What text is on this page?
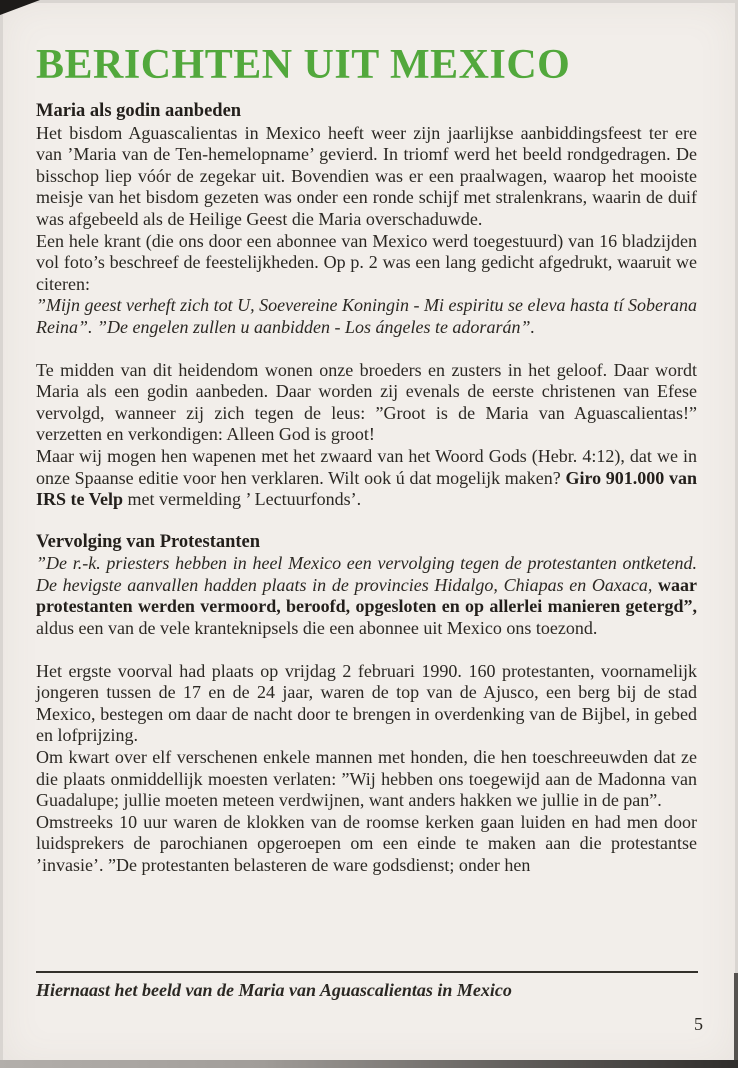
BERICHTEN UIT MEXICO
Maria als godin aanbeden

Het bisdom Aguascalientas in Mexico heeft weer zijn jaarlijkse aanbiddingsfeest ter ere van ’Maria van de Ten-hemelopname’ gevierd. In triomf werd het beeld rondgedragen. De bisschop liep vóór de zegekar uit. Bovendien was er een praalwagen, waarop het mooiste meisje van het bisdom gezeten was onder een ronde schijf met stralenkrans, waarin de duif was afgebeeld als de Heilige Geest die Maria overschaduwde.

Een hele krant (die ons door een abonnee van Mexico werd toegestuurd) van 16 bladzijden vol foto’s beschreef de feestelijkheden. Op p. 2 was een lang gedicht afgedrukt, waaruit we citeren:

”Mijn geest verheft zich tot U, Soevereine Koningin - Mi espiritu se eleva hasta tí Soberana Reina”. ”De engelen zullen u aanbidden - Los ángeles te adorarán”.

Te midden van dit heidendom wonen onze broeders en zusters in het geloof. Daar wordt Maria als een godin aanbeden. Daar worden zij evenals de eerste christenen van Efese vervolgd, wanneer zij zich tegen de leus: ”Groot is de Maria van Aguascalientas!” verzetten en verkondigen: Alleen God is groot!

Maar wij mogen hen wapenen met het zwaard van het Woord Gods (Hebr. 4:12), dat we in onze Spaanse editie voor hen verklaren. Wilt ook ú dat mogelijk maken? Giro 901.000 van IRS te Velp met vermelding ’ Lectuurfonds’.

Vervolging van Protestanten

”De r.-k. priesters hebben in heel Mexico een vervolging tegen de protestanten ontketend. De hevigste aanvallen hadden plaats in de provincies Hidalgo, Chiapas en Oaxaca, waar protestanten werden vermoord, beroofd, opgesloten en op allerlei manieren getergd”, aldus een van de vele kranteknipsels die een abonnee uit Mexico ons toezond.

Het ergste voorval had plaats op vrijdag 2 februari 1990. 160 protestanten, voornamelijk jongeren tussen de 17 en de 24 jaar, waren de top van de Ajusco, een berg bij de stad Mexico, bestegen om daar de nacht door te brengen in overdenking van de Bijbel, in gebed en lofprijzing.

Om kwart over elf verschenen enkele mannen met honden, die hen toeschreeuwden dat ze die plaats onmiddellijk moesten verlaten: ”Wij hebben ons toegewijd aan de Madonna van Guadalupe; jullie moeten meteen verdwijnen, want anders hakken we jullie in de pan”.

Omstreeks 10 uur waren de klokken van de roomse kerken gaan luiden en had men door luidsprekers de parochianen opgeroepen om een einde te maken aan die protestantse ’invasie’. ”De protestanten belasteren de ware godsdienst; onder hen

Hiernaast het beeld van de Maria van Aguascalientas in Mexico

5
